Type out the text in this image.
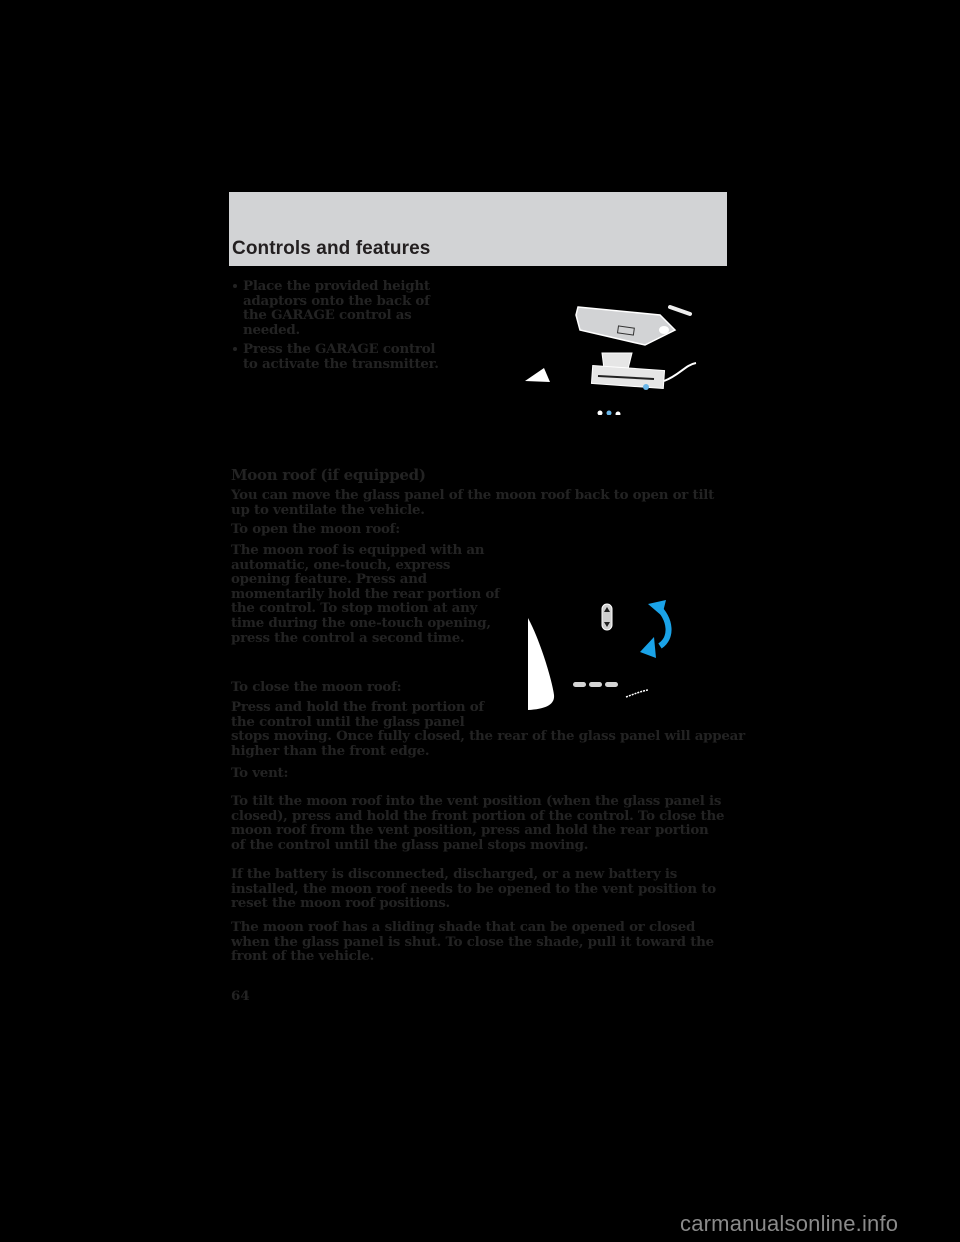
Controls and features
Place the provided height adaptors onto the back of the GARAGE control as needed.
Press the GARAGE control to activate the transmitter.
Moon roof (if equipped)

You can move the glass panel of the moon roof back to open or tilt up to ventilate the vehicle.

To open the moon roof:

The moon roof is equipped with an
automatic, one-touch, express
opening feature. Press and
momentarily hold the rear portion of
the control. To stop motion at any
time during the one-touch opening,
press the control a second time.

To close the moon roof:

Press and hold the front portion of
the control until the glass panel
stops moving. Once fully closed, the rear of the glass panel will appear
higher than the front edge.

To vent:

To tilt the moon roof into the vent position (when the glass panel is closed), press and hold the front portion of the control. To close the moon roof from the vent position, press and hold the rear portion of the control until the glass panel stops moving.

If the battery is disconnected, discharged, or a new battery is installed, the moon roof needs to be opened to the vent position to reset the moon roof positions.

The moon roof has a sliding shade that can be opened or closed when the glass panel is shut. To close the shade, pull it toward the front of the vehicle.

64
carmanualsonline.info
